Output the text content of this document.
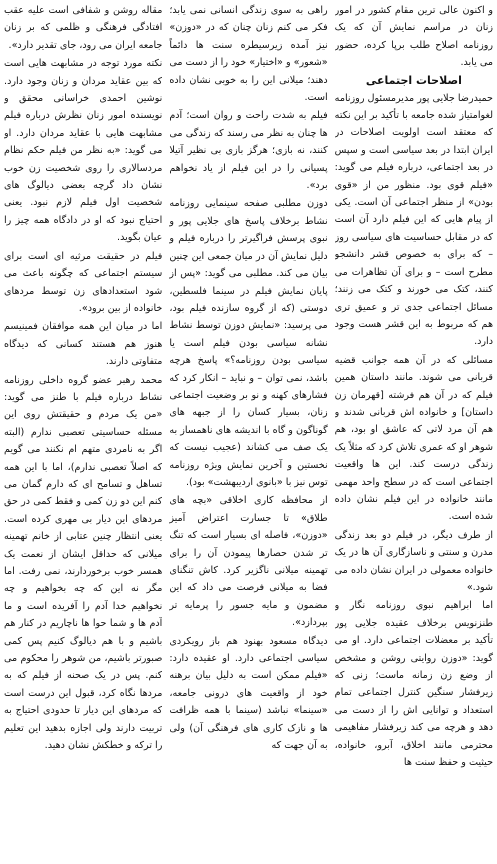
و اکنون عالی ترین مقام کشور در امور زنان در مراسم نمایش آن که یک روزنامه اصلاح طلب برپا کرده، حضور می یابد.

اصلاحات اجتماعی

حمیدرضا جلایی پور مدیرمسئول روزنامه لغوامتیاز شده جامعه با تأکید بر این نکته که معتقد است اولویت اصلاحات در ایران ابتدا در بعد سیاسی است و سپس در بعد اجتماعی، درباره فیلم می گوید: «فیلم قوی بود. منظور من از «قوی بودن» از منظر اجتماعی آن است. یکی از پیام هایی که این فیلم دارد آن است که در مقابل حساسیت های سیاسی روز – که برای به خصوص قشر دانشجو مطرح است – و برای آن تظاهرات می کنند، کتک می خورند و کتک می زنند؛ مسائل اجتماعی جدی تر و عمیق تری هم که مربوط به این قشر هست وجود دارد.

مسائلی که در آن همه جوانب قضیه قربانی می شوند. مانند داستان همین فیلم که در آن هم فرشته [قهرمان زن داستان] و خانواده اش قربانی شدند و هم آن مرد لاتی که عاشق او بود، هم شوهر او که عمری تلاش کرد که مثلاً یک زندگی درست کند. این ها واقعیت اجتماعی است که در سطح واحد مهمی مانند خانواده در این فیلم نشان داده شده است.

از طرف دیگر، در فیلم دو بعد زندگی مدرن و سنتی و ناسازگاری آن ها در یک خانواده معمولی در ایران نشان داده می شود.»

اما ابراهیم نبوی روزنامه نگار و طنزنویس برخلاف عقیده جلایی پور تأکید بر معضلات اجتماعی دارد. او می گوید: «دوزن روایتی روشن و مشخص از وضع زن زمانه ماست؛ زنی که زیرفشار سنگین کنترل اجتماعی تمام استعداد و توانایی اش را از دست می دهد و هرچه می کند زیرفشار مفاهیمی محترمی مانند اخلاق، آبرو، خانواده، حیثیت و حفظ سنت ها

راهی به سوی زندگی انسانی نمی یابد؛ فکر می کنم زنان چنان که در «دوزن» نیز آمده زیرسیطره سنت ها دائماً «شعور» و «اختیار» خود را از دست می دهند؛ میلانی این را به خوبی نشان داده است.

فیلم به شدت راحت و روان است؛ آدم ها چنان به نظر می رسند که زندگی می کنند، نه بازی؛ هرگز بازی بی نظیر آتیلا پسیانی را در این فیلم از یاد نخواهم برد».

دوزن مطلبی صفحه سینمایی روزنامه نشاط برخلاف پاسخ های جلایی پور و نبوی پرسش فراگیرتر را درباره فیلم و دلیل نمایش آن در میان جمعی این چنین بیان می کند. مطلبی می گوید: «پس از پایان نمایش فیلم در سینما فلسطین، دوستی (که از گروه سازنده فیلم بود، می پرسید: «نمایش دوزن توسط نشاط نشانه سیاسی بودن فیلم است یا سیاسی بودن روزنامه؟» پاسخ هرچه باشد، نمی توان – و نباید – انکار کرد که فشارهای کهنه و نو بر وضعیت اجتماعی زنان، بسیار کسان را از جبهه های گوناگون و گاه با اندیشه های ناهمساز به یک صف می کشاند (عجیب نیست که نخستین و آخرین نمایش ویژه روزنامه توس نیز با «بانوی اردیبهشت» بود).

از محافظه کاری اخلاقی «بچه های طلاق» تا جسارت اعتراض آمیز «دوزن»، فاصله ای بسیار است که تنگ تر شدن حصارها پیمودن آن را برای تهمینه میلانی ناگزیر کرد. کاش تنگنای فضا به میلانی فرصت می داد که این مضمون و مایه جسور را پرمایه تر بپردازد».

دیدگاه مسعود بهنود هم باز رویکردی سیاسی اجتماعی دارد. او عقیده دارد: «فیلم ممکن است به دلیل بیان برهنه خود از واقعیت های درونی جامعه، «سینما» نباشد (سینما با همه ظرافت ها و نازک کاری های فرهنگی آن) ولی به آن جهت که

مقاله روشن و شفافی است علیه عقب افتادگی فرهنگی و ظلمی که بر زنان جامعه ایران می رود، جای تقدیر دارد».

نکته مورد توجه در مشابهت هایی است که بین عقاید مردان و زنان وجود دارد. نوشین احمدی خراسانی محقق و نویسنده امور زنان نظرش درباره فیلم مشابهت هایی با عقاید مردان دارد. او می گوید: «به نظر من فیلم حکم نظام مردسالاری را روی شخصیت زن خوب نشان داد گرچه بعضی دیالوگ های شخصیت اول فیلم لازم نبود. یعنی احتیاج نبود که او در دادگاه همه چیز را عیان بگوید.

فیلم در حقیقت مرثیه ای است برای سیستم اجتماعی که چگونه باعث می شود استعدادهای زن توسط مردهای خانواده از بین برود».

اما در میان این همه موافقان فمینیسم هنوز هم هستند کسانی که دیدگاه متفاوتی دارند.

محمد رهبر عضو گروه داخلی روزنامه نشاط درباره فیلم با طنز می گوید: «من یک مردم و حقیقتش روی این مسئله حساسیتی تعصبی ندارم (البته اگر به نامردی متهم ام نکنند می گویم که اصلاً تعصبی ندارم)، اما با این همه تساهل و تسامح ای که دارم گمان می کنم این دو زن کمی و فقط کمی در حق مردهای این دیار بی مهری کرده است. یعنی انتظار چنین عتابی از خانم تهمینه میلانی که حداقل ایشان از نعمت یک همسر خوب برخوردارند، نمی رفت. اما مگر نه این که چه بخواهیم و چه نخواهیم خدا آدم را آفریده است و ما آدم ها و شما حوا ها ناچاریم در کنار هم باشیم و با هم دیالوگ کنیم پس کمی صبورتر باشیم، من شوهر را محکوم می کنم. پس در یک صحنه از فیلم که به مردها نگاه کرد، قبول این درست است که مردهای این دیار تا حدودی احتیاج به تربیت دارند ولی اجازه بدهید این تعلیم را ترکه و خطکش نشان دهید.
